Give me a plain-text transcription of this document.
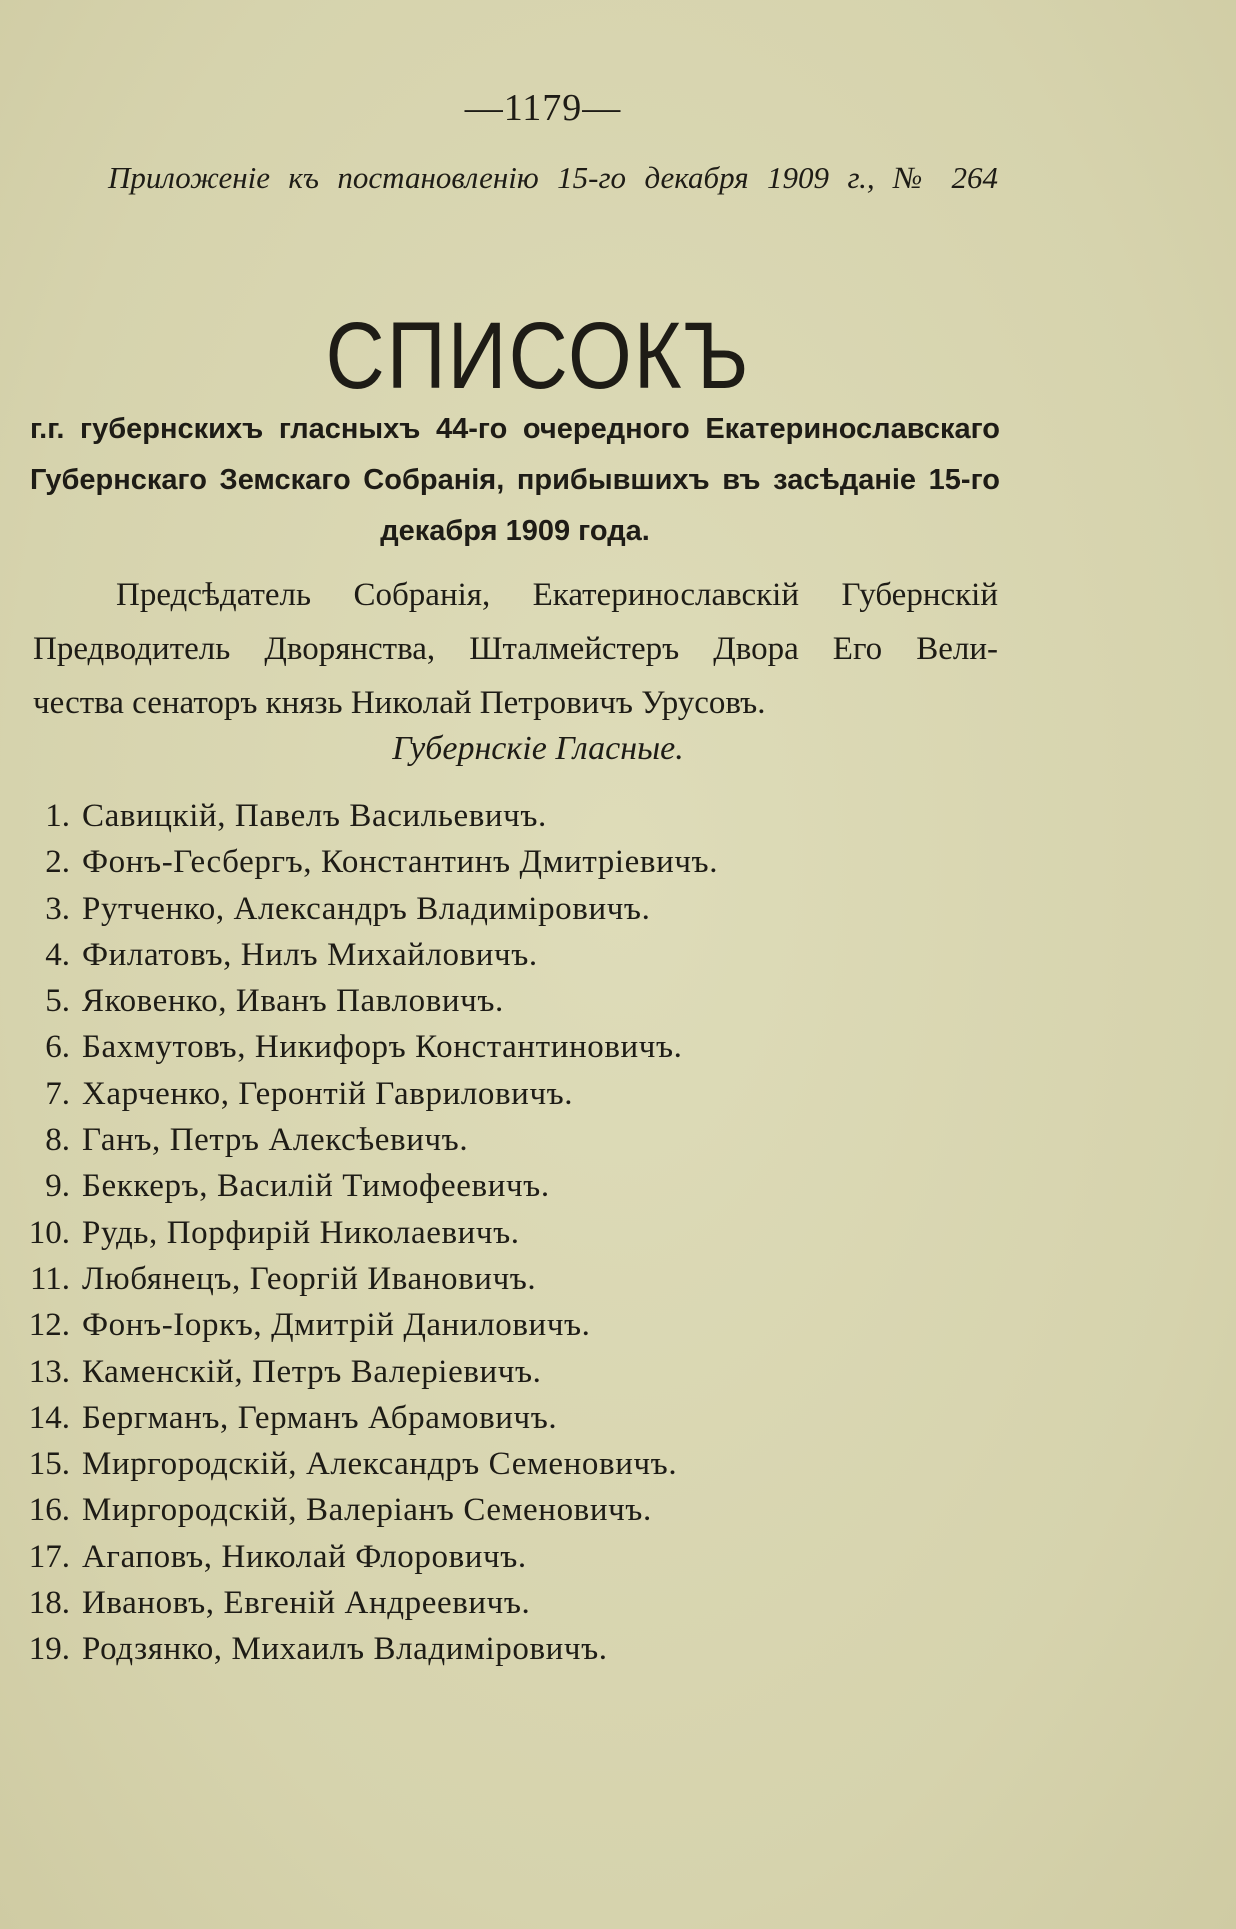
—1179—
Приложеніе къ постановленію 15-го декабря 1909 г., № 264
СПИСОКЪ
г.г. губернскихъ гласныхъ 44-го очередного Екатеринославскаго
Губернскаго Земскаго Собранія, прибывшихъ въ засѣданіе 15-го
декабря 1909 года.
Предсѣдатель Собранія, Екатеринославскій Губернскій
Предводитель Дворянства, Шталмейстеръ Двора Его Вели-
чества сенаторъ князь Николай Петровичъ Урусовъ.
Губернскіе Гласные.
1. Савицкій, Павелъ Васильевичъ.
2. Фонъ-Гесбергъ, Константинъ Дмитріевичъ.
3. Рутченко, Александръ Владиміровичъ.
4. Филатовъ, Нилъ Михайловичъ.
5. Яковенко, Иванъ Павловичъ.
6. Бахмутовъ, Никифоръ Константиновичъ.
7. Харченко, Геронтій Гавриловичъ.
8. Ганъ, Петръ Алексѣевичъ.
9. Беккеръ, Василій Тимофеевичъ.
10. Рудь, Порфирій Николаевичъ.
11. Любянецъ, Георгій Ивановичъ.
12. Фонъ-Іоркъ, Дмитрій Даниловичъ.
13. Каменскій, Петръ Валеріевичъ.
14. Бергманъ, Германъ Абрамовичъ.
15. Миргородскій, Александръ Семеновичъ.
16. Миргородскій, Валеріанъ Семеновичъ.
17. Агаповъ, Николай Флоровичъ.
18. Ивановъ, Евгеній Андреевичъ.
19. Родзянко, Михаилъ Владиміровичъ.
